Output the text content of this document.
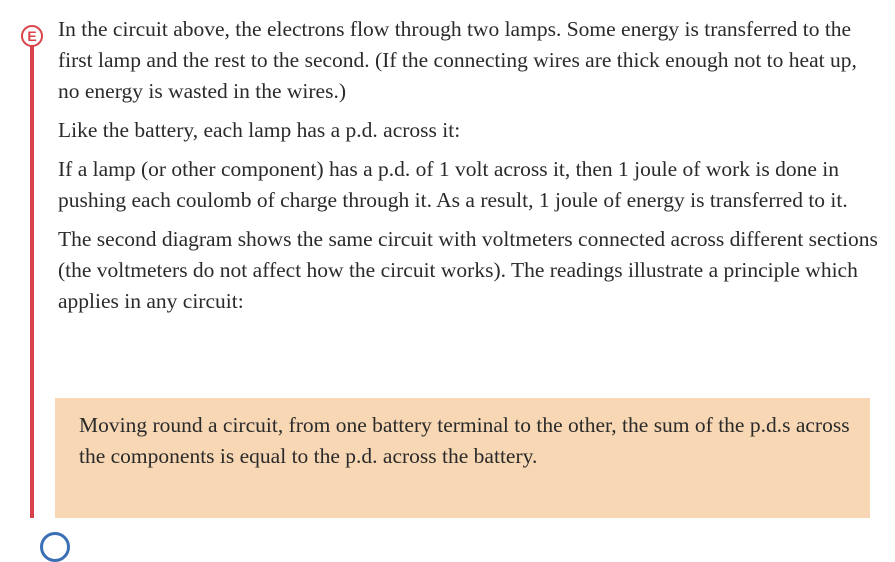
E In the circuit above, the electrons flow through two lamps. Some energy is transferred to the first lamp and the rest to the second. (If the connecting wires are thick enough not to heat up, no energy is wasted in the wires.)

Like the battery, each lamp has a p.d. across it:

If a lamp (or other component) has a p.d. of 1 volt across it, then 1 joule of work is done in pushing each coulomb of charge through it. As a result, 1 joule of energy is transferred to it.

The second diagram shows the same circuit with voltmeters connected across different sections (the voltmeters do not affect how the circuit works). The readings illustrate a principle which applies in any circuit:

Moving round a circuit, from one battery terminal to the other, the sum of the p.d.s across the components is equal to the p.d. across the battery.
